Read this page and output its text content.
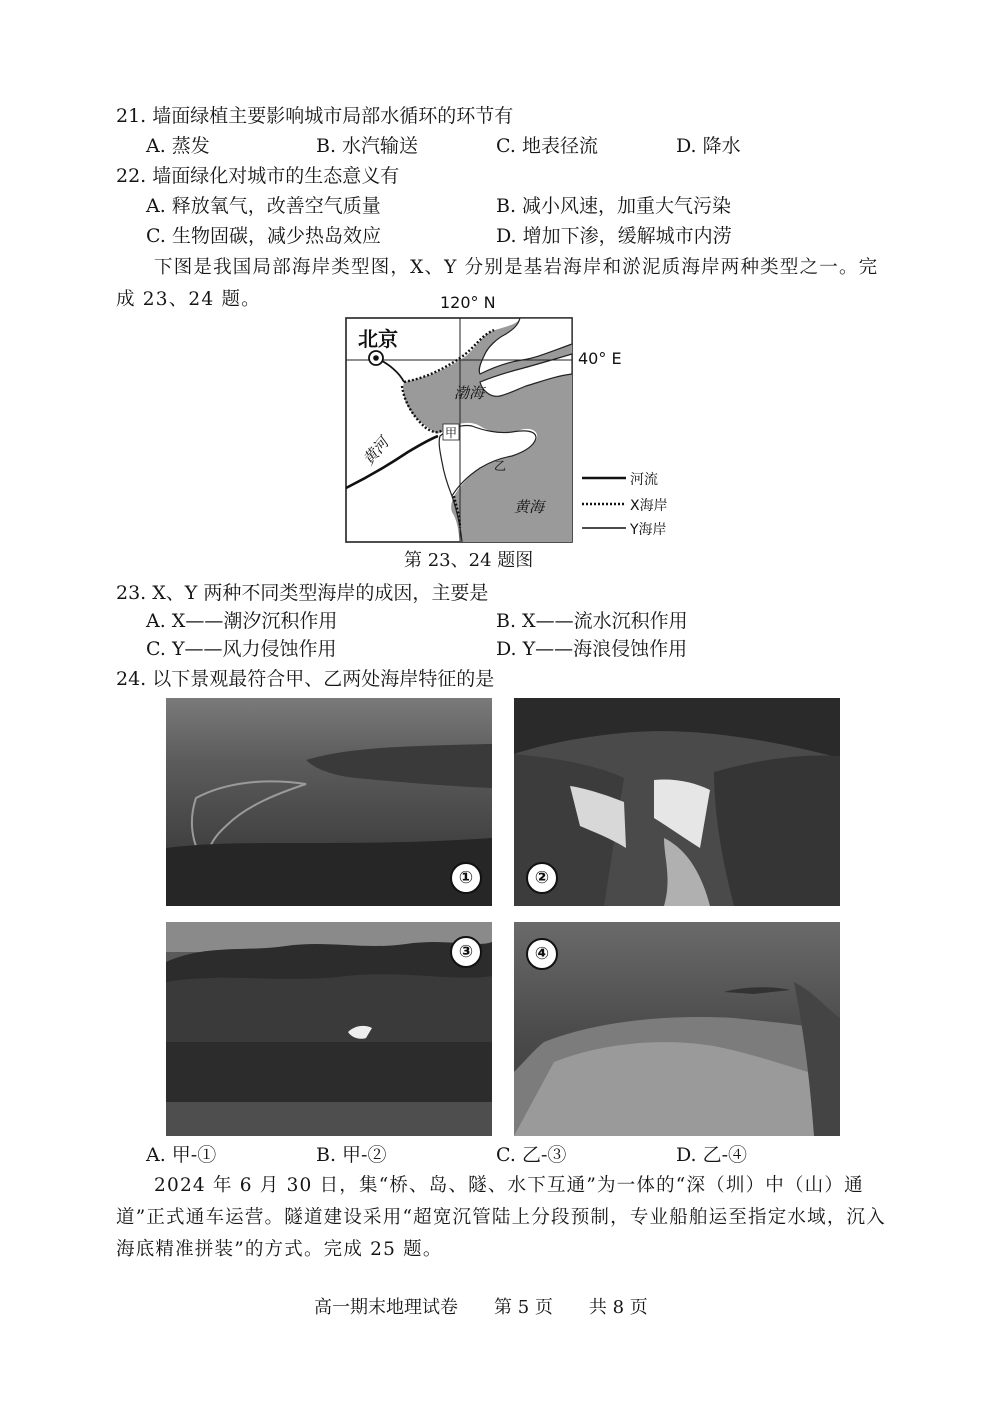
21. 墙面绿植主要影响城市局部水循环的环节有
A. 蒸发	B. 水汽输送	C. 地表径流	D. 降水
22. 墙面绿化对城市的生态意义有
A. 释放氧气，改善空气质量	B. 减小风速，加重大气污染
C. 生物固碳，减少热岛效应	D. 增加下渗，缓解城市内涝
下图是我国局部海岸类型图，X、Y 分别是基岩海岸和淤泥质海岸两种类型之一。完成 23、24 题。	120° N
40° E
北京
渤海
黄海
黄河
甲
乙
河流
X海岸
Y海岸
第 23、24 题图
23. X、Y 两种不同类型海岸的成因，主要是
A. X——潮汐沉积作用	B. X——流水沉积作用
C. Y——风力侵蚀作用	D. Y——海浪侵蚀作用
24. 以下景观最符合甲、乙两处海岸特征的是
①	②
③	④
A. 甲-①	B. 甲-②	C. 乙-③	D. 乙-④
2024 年 6 月 30 日，集“桥、岛、隧、水下互通”为一体的“深（圳）中（山）通道”正式通车运营。隧道建设采用“超宽沉管陆上分段预制，专业船舶运至指定水域，沉入海底精准拼装”的方式。完成 25 题。
高一期末地理试卷　　第 5 页　　共 8 页
